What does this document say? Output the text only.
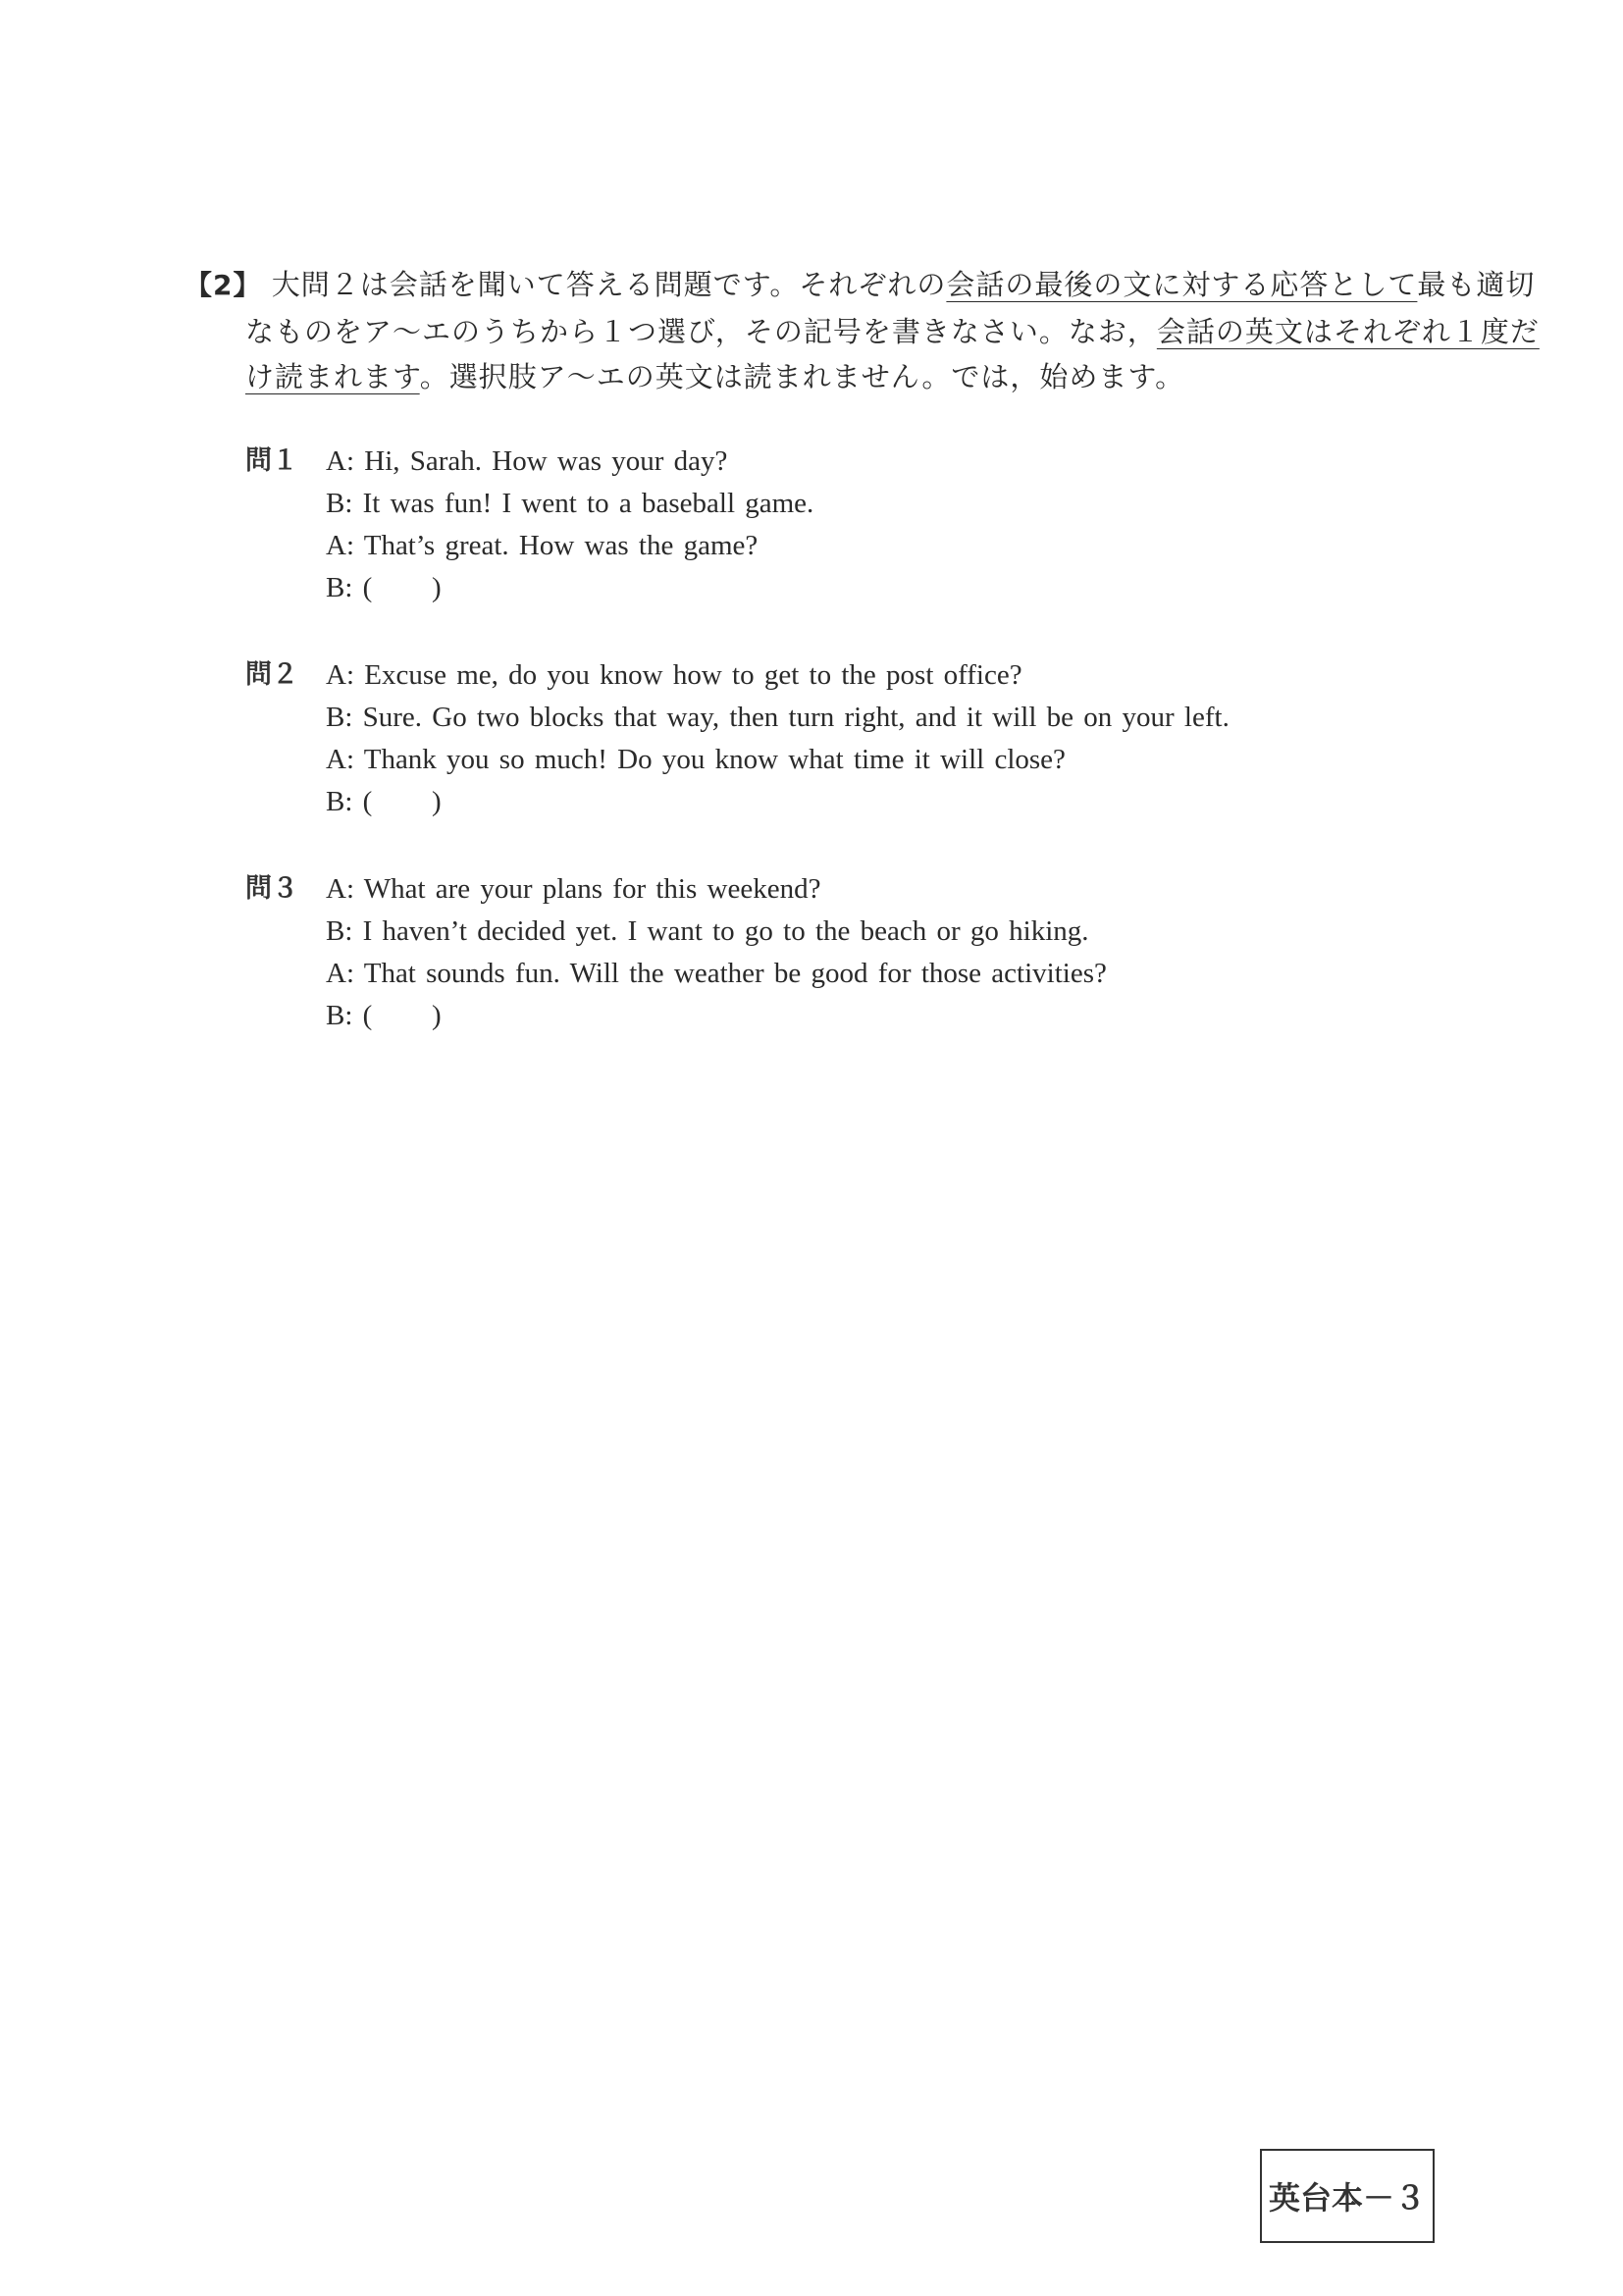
【2】 大問２は会話を聞いて答える問題です。それぞれの会話の最後の文に対する応答として最も適切
なものをア～エのうちから１つ選び，その記号を書きなさい。なお，会話の英文はそれぞれ１度だ
け読まれます。選択肢ア～エの英文は読まれません。では，始めます。
問１ A: Hi, Sarah. How was your day?
B: It was fun! I went to a baseball game.
A: That’s great. How was the game?
B: ( )

問２ A: Excuse me, do you know how to get to the post office?
B: Sure. Go two blocks that way, then turn right, and it will be on your left.
A: Thank you so much! Do you know what time it will close?
B: ( )

問３ A: What are your plans for this weekend?
B: I haven’t decided yet. I want to go to the beach or go hiking.
A: That sounds fun. Will the weather be good for those activities?
B: ( )

英台本－３
